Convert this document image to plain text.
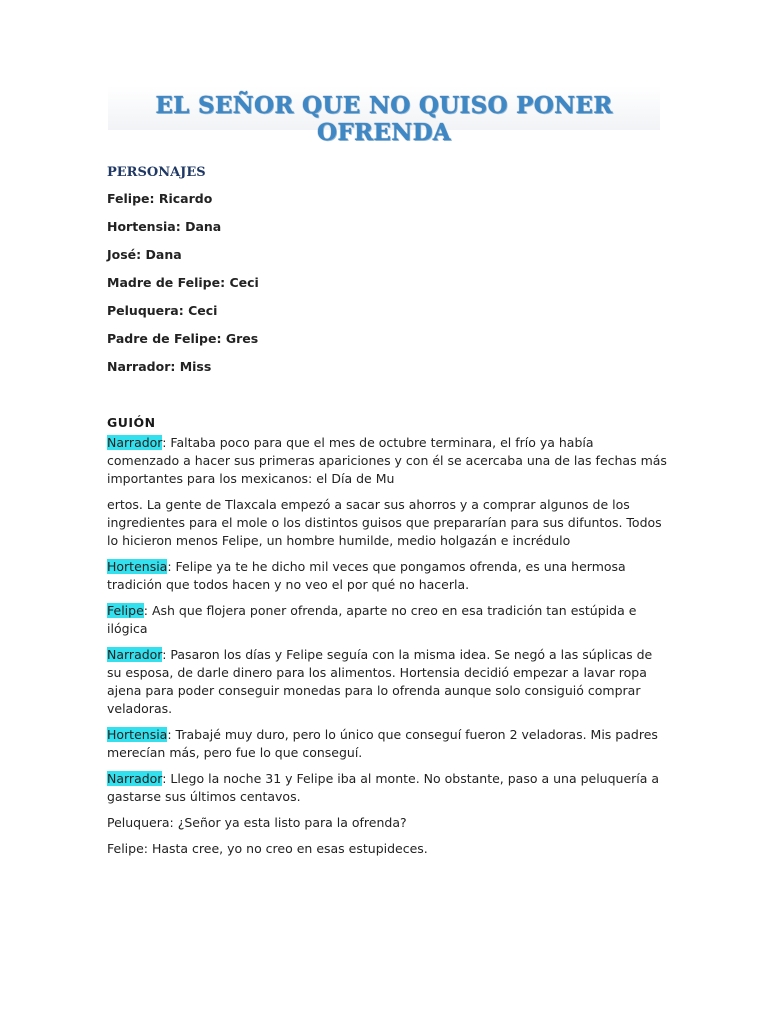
EL SEÑOR QUE NO QUISO PONER OFRENDA
PERSONAJES
Felipe: Ricardo
Hortensia: Dana
José: Dana
Madre de Felipe: Ceci
Peluquera: Ceci
Padre de Felipe: Gres
Narrador: Miss
GUIÓN
Narrador: Faltaba poco para que el mes de octubre terminara, el frío ya había comenzado a hacer sus primeras apariciones y con él se acercaba una de las fechas más importantes para los mexicanos: el Día de Mu
ertos. La gente de Tlaxcala empezó a sacar sus ahorros y a comprar algunos de los ingredientes para el mole o los distintos guisos que prepararían para sus difuntos. Todos lo hicieron menos Felipe, un hombre humilde, medio holgazán e incrédulo
Hortensia: Felipe ya te he dicho mil veces que pongamos ofrenda, es una hermosa tradición que todos hacen y no veo el por qué no hacerla.
Felipe: Ash que flojera poner ofrenda, aparte no creo en esa tradición tan estúpida e ilógica
Narrador: Pasaron los días y Felipe seguía con la misma idea. Se negó a las súplicas de su esposa, de darle dinero para los alimentos. Hortensia decidió empezar a lavar ropa ajena para poder conseguir monedas para lo ofrenda aunque solo consiguió comprar veladoras.
Hortensia: Trabajé muy duro, pero lo único que conseguí fueron 2 veladoras. Mis padres merecían más, pero fue lo que conseguí.
Narrador: Llego la noche 31 y Felipe iba al monte. No obstante, paso a una peluquería a gastarse sus últimos centavos.
Peluquera: ¿Señor ya esta listo para la ofrenda?
Felipe: Hasta cree, yo no creo en esas estupideces.
